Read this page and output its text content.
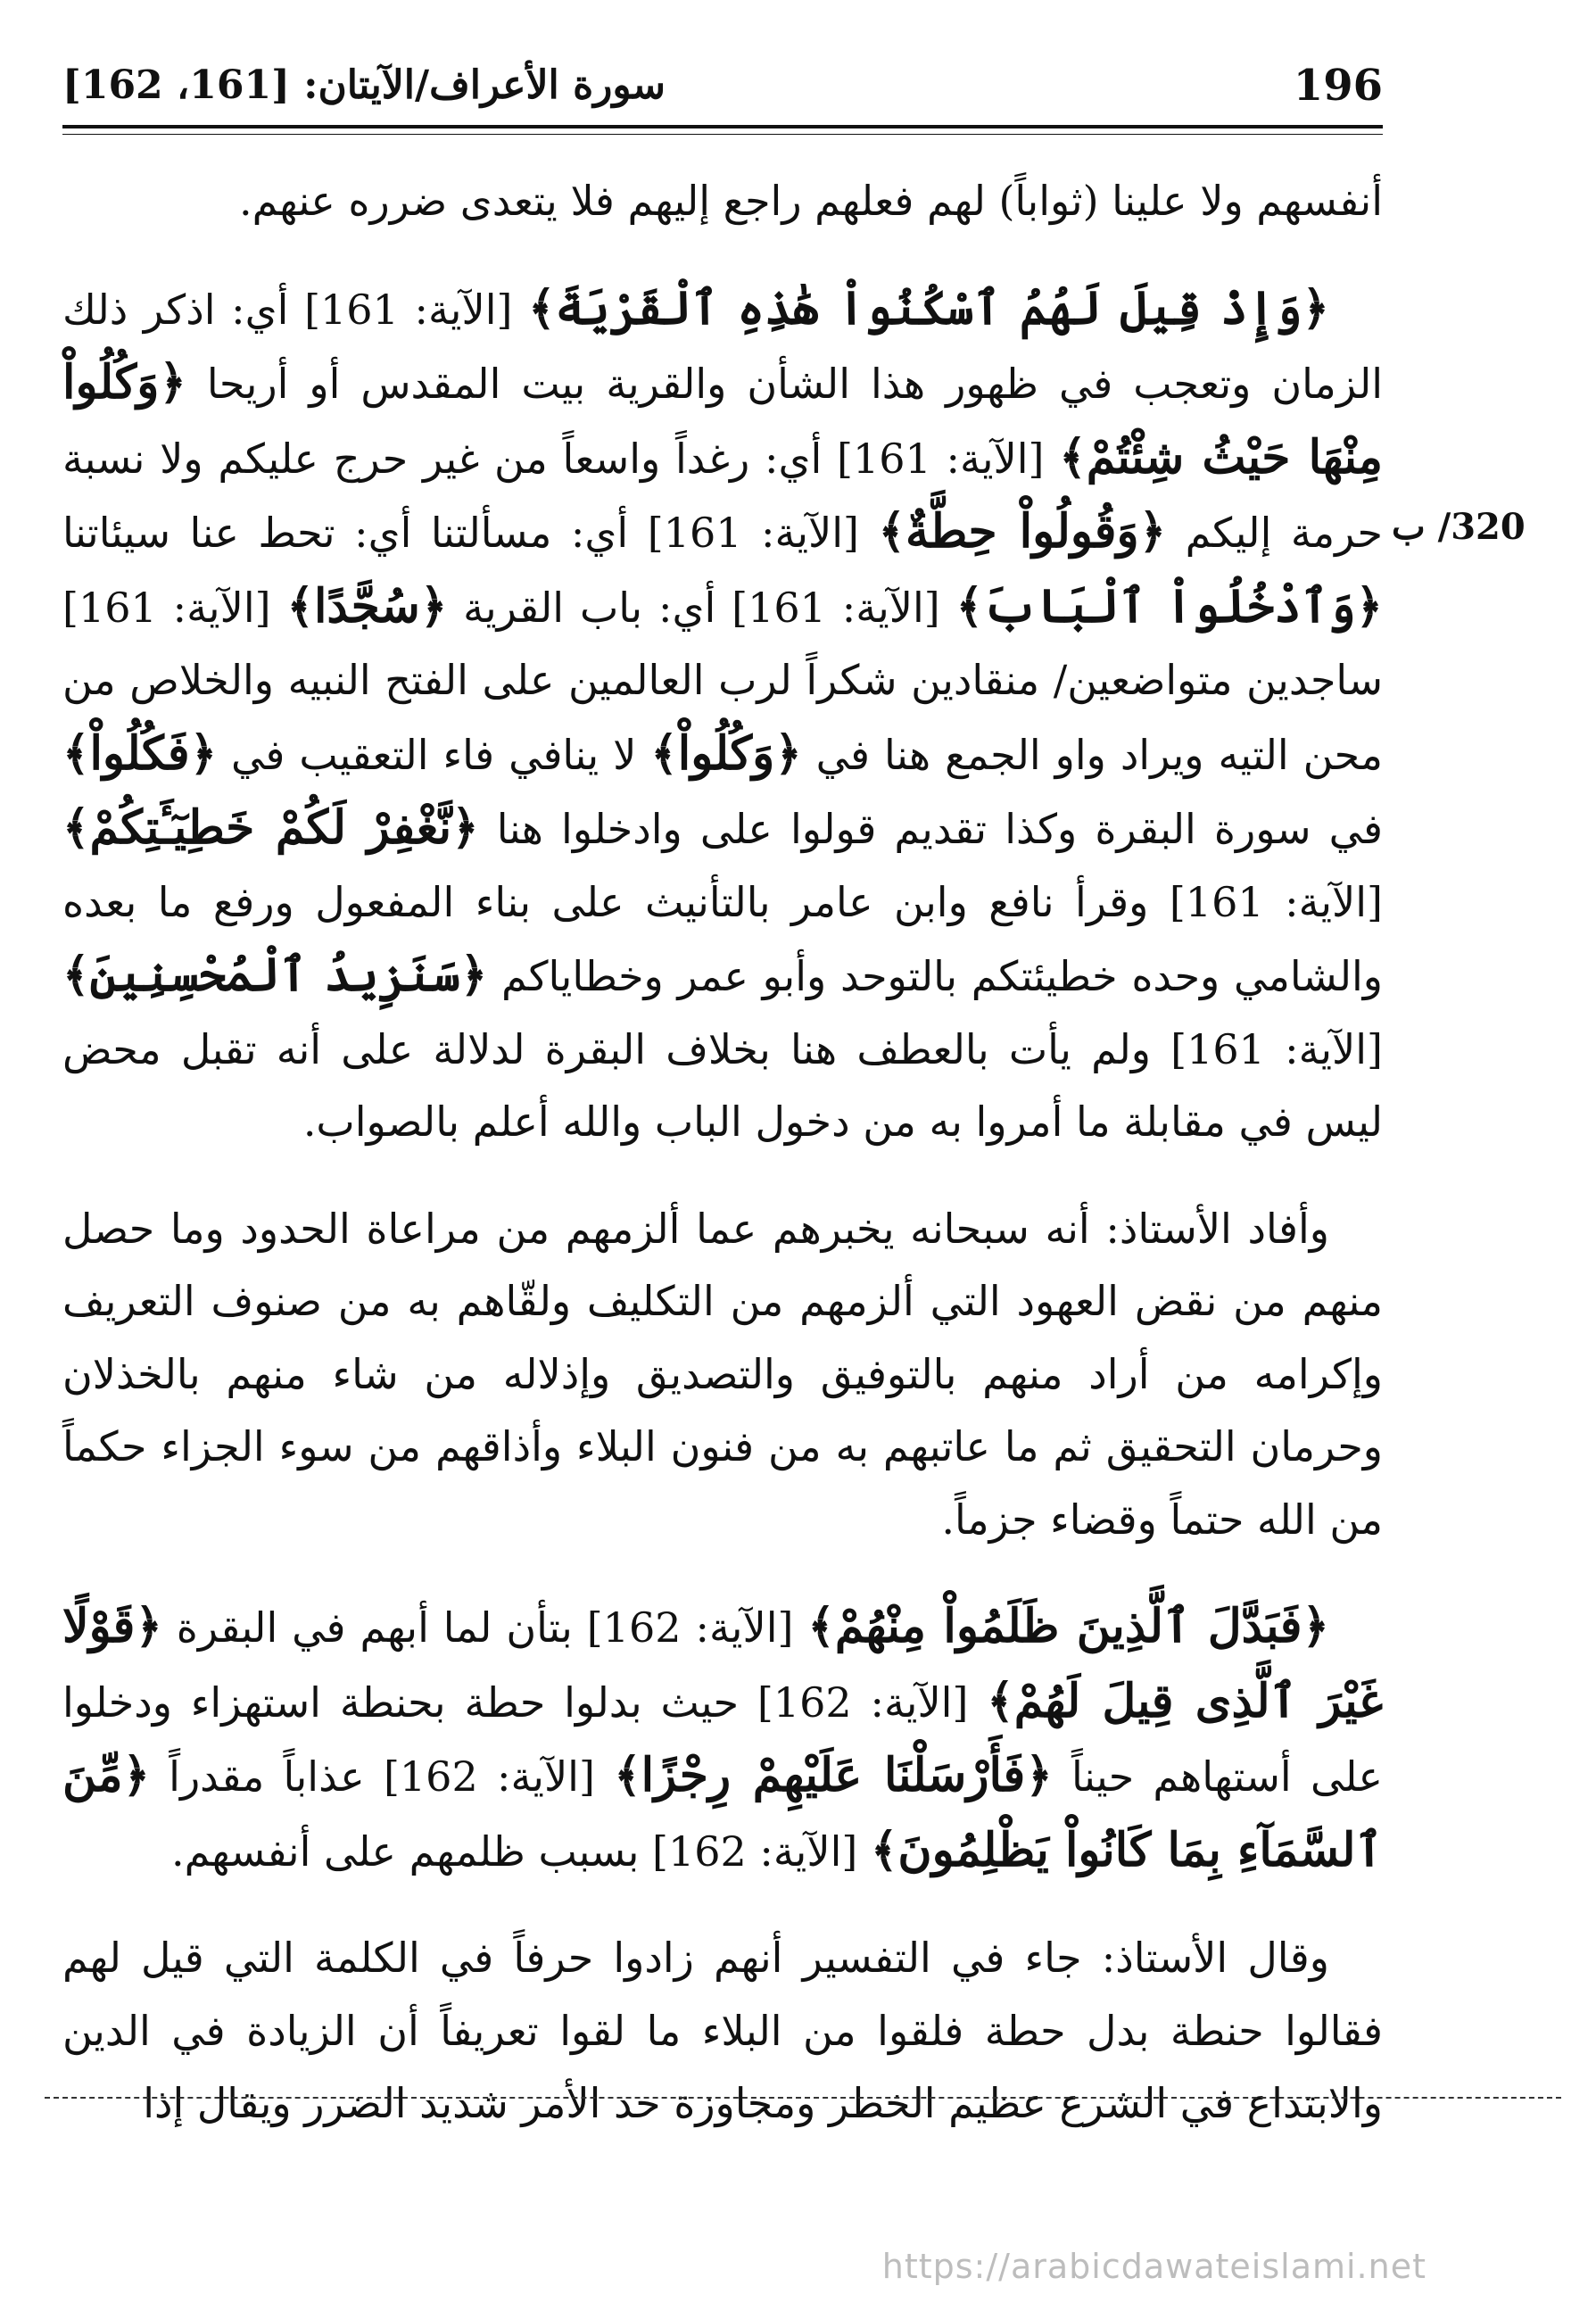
196
سورة الأعراف/الآيتان: [161، 162]
320/ ب

أنفسهم ولا علينا (ثواباً) لهم فعلهم راجع إليهم فلا يتعدى ضرره عنهم.

﴿وَإِذْ قِيلَ لَهُمُ ٱسْكُنُواْ هَٰذِهِ ٱلْقَرْيَةَ﴾ [الآية: 161] أي: اذكر ذلك الزمان وتعجب في ظهور هذا الشأن والقرية بيت المقدس أو أريحا ﴿وَكُلُواْ مِنْهَا حَيْثُ شِئْتُمْ﴾ [الآية: 161] أي: رغداً واسعاً من غير حرج عليكم ولا نسبة حرمة إليكم ﴿وَقُولُواْ حِطَّةٌ﴾ [الآية: 161] أي: مسألتنا أي: تحط عنا سيئاتنا ﴿وَٱدْخُلُواْ ٱلْبَابَ﴾ [الآية: 161] أي: باب القرية ﴿سُجَّدًا﴾ [الآية: 161] ساجدين متواضعين/ منقادين شكراً لرب العالمين على الفتح النبيه والخلاص من محن التيه ويراد واو الجمع هنا في ﴿وَكُلُواْ﴾ لا ينافي فاء التعقيب في ﴿فَكُلُواْ﴾ في سورة البقرة وكذا تقديم قولوا على وادخلوا هنا ﴿نَّغْفِرْ لَكُمْ خَطِيٓـَٔتِكُمْ﴾ [الآية: 161] وقرأ نافع وابن عامر بالتأنيث على بناء المفعول ورفع ما بعده والشامي وحده خطيئتكم بالتوحد وأبو عمر وخطاياكم ﴿سَنَزِيدُ ٱلْمُحْسِنِينَ﴾ [الآية: 161] ولم يأت بالعطف هنا بخلاف البقرة لدلالة على أنه تقبل محض ليس في مقابلة ما أمروا به من دخول الباب والله أعلم بالصواب.

وأفاد الأستاذ: أنه سبحانه يخبرهم عما ألزمهم من مراعاة الحدود وما حصل منهم من نقض العهود التي ألزمهم من التكليف ولقّاهم به من صنوف التعريف وإكرامه من أراد منهم بالتوفيق والتصديق وإذلاله من شاء منهم بالخذلان وحرمان التحقيق ثم ما عاتبهم به من فنون البلاء وأذاقهم من سوء الجزاء حكماً من الله حتماً وقضاء جزماً.

﴿فَبَدَّلَ ٱلَّذِينَ ظَلَمُواْ مِنْهُمْ﴾ [الآية: 162] بتأن لما أبهم في البقرة ﴿قَوْلًا غَيْرَ ٱلَّذِى قِيلَ لَهُمْ﴾ [الآية: 162] حيث بدلوا حطة بحنطة استهزاء ودخلوا على أستهاهم حيناً ﴿فَأَرْسَلْنَا عَلَيْهِمْ رِجْزًا﴾ [الآية: 162] عذاباً مقدراً ﴿مِّنَ ٱلسَّمَآءِ بِمَا كَانُواْ يَظْلِمُونَ﴾ [الآية: 162] بسبب ظلمهم على أنفسهم.

وقال الأستاذ: جاء في التفسير أنهم زادوا حرفاً في الكلمة التي قيل لهم فقالوا حنطة بدل حطة فلقوا من البلاء ما لقوا تعريفاً أن الزيادة في الدين والابتداع في الشرع عظيم الخطر ومجاوزة حد الأمر شديد الضرر ويقال إذا

https://arabicdawateislami.net
